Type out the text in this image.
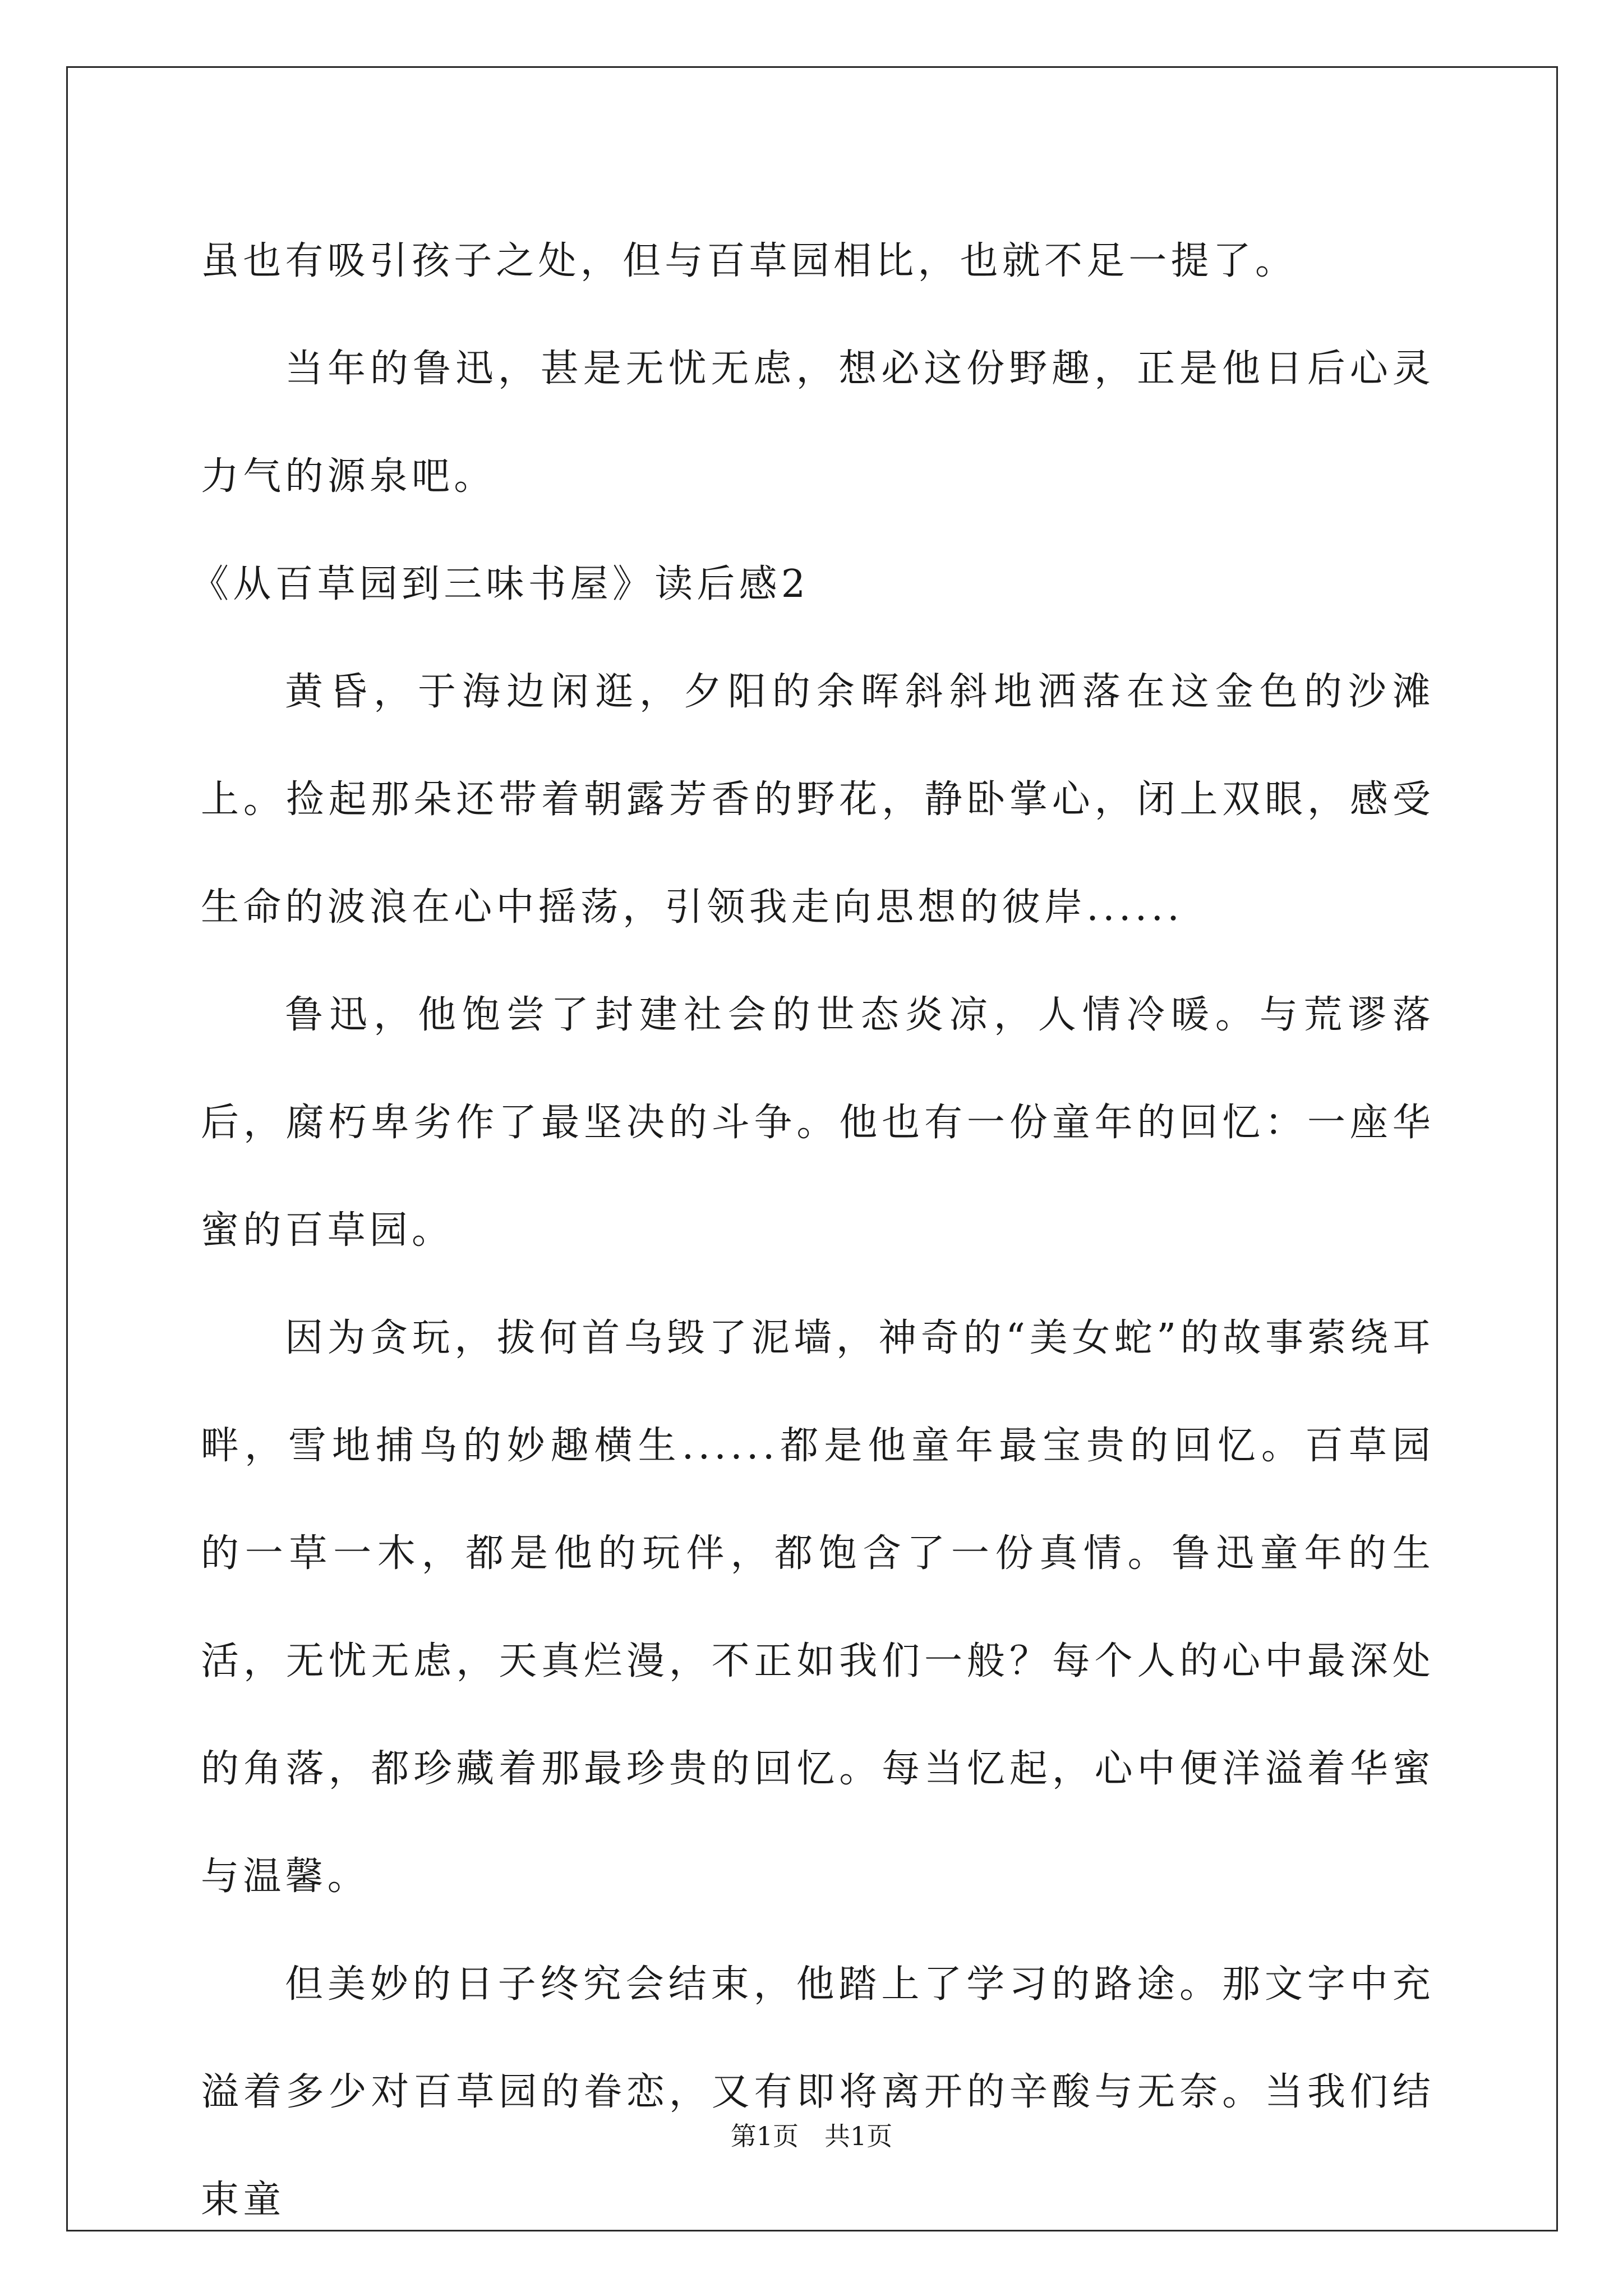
虽也有吸引孩子之处，但与百草园相比，也就不足一提了。

当年的鲁迅，甚是无忧无虑，想必这份野趣，正是他日后心灵力气的源泉吧。

《从百草园到三味书屋》读后感2

黄昏，于海边闲逛，夕阳的余晖斜斜地洒落在这金色的沙滩上。捡起那朵还带着朝露芳香的野花，静卧掌心，闭上双眼，感受生命的波浪在心中摇荡，引领我走向思想的彼岸......

鲁迅，他饱尝了封建社会的世态炎凉，人情冷暖。与荒谬落后，腐朽卑劣作了最坚决的斗争。他也有一份童年的回忆：一座华蜜的百草园。

因为贪玩，拔何首乌毁了泥墙，神奇的“美女蛇”的故事萦绕耳畔，雪地捕鸟的妙趣横生......都是他童年最宝贵的回忆。百草园的一草一木，都是他的玩伴，都饱含了一份真情。鲁迅童年的生活，无忧无虑，天真烂漫，不正如我们一般？每个人的心中最深处的角落，都珍藏着那最珍贵的回忆。每当忆起，心中便洋溢着华蜜与温馨。

但美妙的日子终究会结束，他踏上了学习的路途。那文字中充溢着多少对百草园的眷恋，又有即将离开的辛酸与无奈。当我们结束童

第1页 共1页
